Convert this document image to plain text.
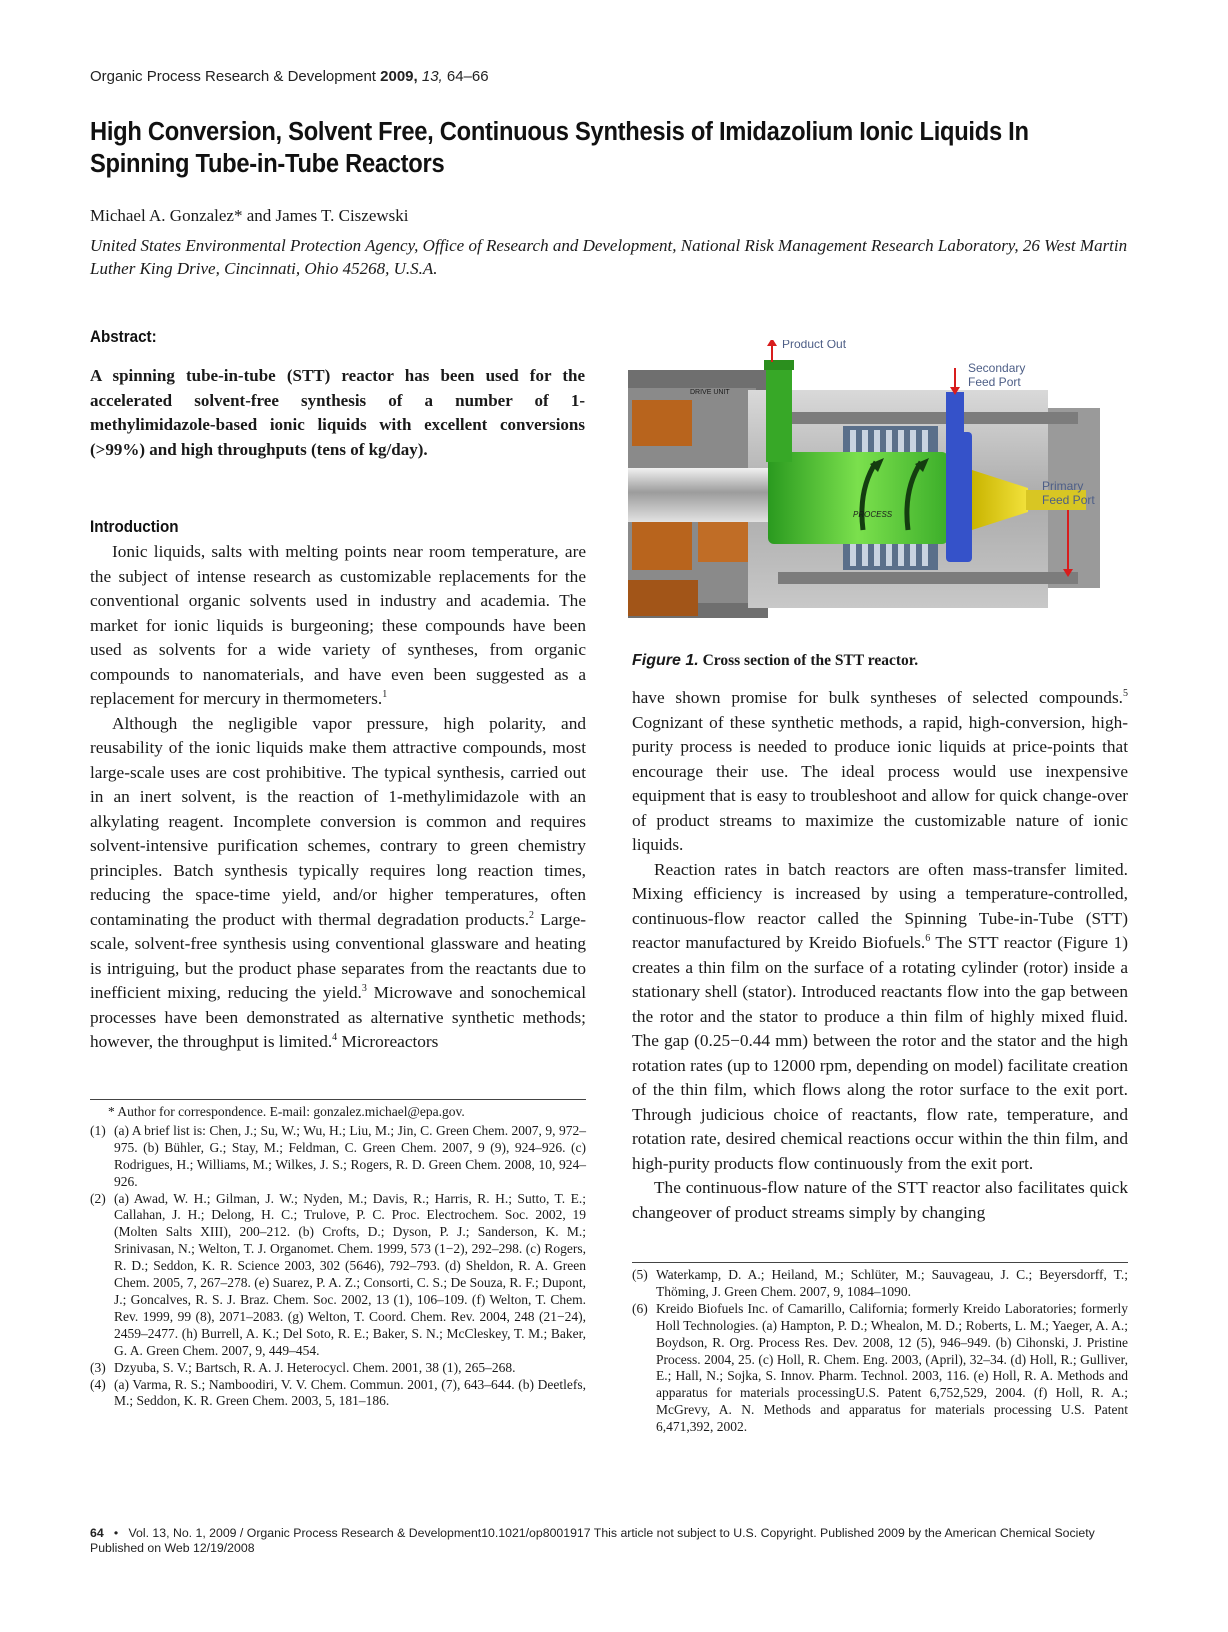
Organic Process Research & Development 2009, 13, 64–66
High Conversion, Solvent Free, Continuous Synthesis of Imidazolium Ionic Liquids In Spinning Tube-in-Tube Reactors
Michael A. Gonzalez* and James T. Ciszewski
United States Environmental Protection Agency, Office of Research and Development, National Risk Management Research Laboratory, 26 West Martin Luther King Drive, Cincinnati, Ohio 45268, U.S.A.
Abstract:

A spinning tube-in-tube (STT) reactor has been used for the accelerated solvent-free synthesis of a number of 1-methylimidazole-based ionic liquids with excellent conversions (>99%) and high throughputs (tens of kg/day).

Introduction

Ionic liquids, salts with melting points near room temperature, are the subject of intense research as customizable replacements for the conventional organic solvents used in industry and academia. The market for ionic liquids is burgeoning; these compounds have been used as solvents for a wide variety of syntheses, from organic compounds to nanomaterials, and have even been suggested as a replacement for mercury in thermometers.$^1$

Although the negligible vapor pressure, high polarity, and reusability of the ionic liquids make them attractive compounds, most large-scale uses are cost prohibitive. The typical synthesis, carried out in an inert solvent, is the reaction of 1-methylimidazole with an alkylating reagent. Incomplete conversion is common and requires solvent-intensive purification schemes, contrary to green chemistry principles. Batch synthesis typically requires long reaction times, reducing the space-time yield, and/or higher temperatures, often contaminating the product with thermal degradation products.$^2$ Large-scale, solvent-free synthesis using conventional glassware and heating is intriguing, but the product phase separates from the reactants due to inefficient mixing, reducing the yield.$^3$ Microwave and sonochemical processes have been demonstrated as alternative synthetic methods; however, the throughput is limited.$^4$ Microreactors

* Author for correspondence. E-mail: gonzalez.michael@epa.gov.

(1) (a) A brief list is: Chen, J.; Su, W.; Wu, H.; Liu, M.; Jin, C. Green Chem. 2007, 9, 972–975. (b) Bühler, G.; Stay, M.; Feldman, C. Green Chem. 2007, 9 (9), 924–926. (c) Rodrigues, H.; Williams, M.; Wilkes, J. S.; Rogers, R. D. Green Chem. 2008, 10, 924–926.

(2) (a) Awad, W. H.; Gilman, J. W.; Nyden, M.; Davis, R.; Harris, R. H.; Sutto, T. E.; Callahan, J. H.; Delong, H. C.; Trulove, P. C. Proc. Electrochem. Soc. 2002, 19 (Molten Salts XIII), 200–212. (b) Crofts, D.; Dyson, P. J.; Sanderson, K. M.; Srinivasan, N.; Welton, T. J. Organomet. Chem. 1999, 573 (1−2), 292–298. (c) Rogers, R. D.; Seddon, K. R. Science 2003, 302 (5646), 792–793. (d) Sheldon, R. A. Green Chem. 2005, 7, 267–278. (e) Suarez, P. A. Z.; Consorti, C. S.; De Souza, R. F.; Dupont, J.; Goncalves, R. S. J. Braz. Chem. Soc. 2002, 13 (1), 106–109. (f) Welton, T. Chem. Rev. 1999, 99 (8), 2071–2083. (g) Welton, T. Coord. Chem. Rev. 2004, 248 (21−24), 2459–2477. (h) Burrell, A. K.; Del Soto, R. E.; Baker, S. N.; McCleskey, T. M.; Baker, G. A. Green Chem. 2007, 9, 449–454.

(3) Dzyuba, S. V.; Bartsch, R. A. J. Heterocycl. Chem. 2001, 38 (1), 265–268.

(4) (a) Varma, R. S.; Namboodiri, V. V. Chem. Commun. 2001, (7), 643–644. (b) Deetlefs, M.; Seddon, K. R. Green Chem. 2003, 5, 181–186.

PROCESS
DRIVE UNIT
Product Out
Secondary Feed Port
Primary Feed Port
Figure 1. Cross section of the STT reactor.

have shown promise for bulk syntheses of selected compounds.$^5$ Cognizant of these synthetic methods, a rapid, high-conversion, high-purity process is needed to produce ionic liquids at price-points that encourage their use. The ideal process would use inexpensive equipment that is easy to troubleshoot and allow for quick change-over of product streams to maximize the customizable nature of ionic liquids.

Reaction rates in batch reactors are often mass-transfer limited. Mixing efficiency is increased by using a temperature-controlled, continuous-flow reactor called the Spinning Tube-in-Tube (STT) reactor manufactured by Kreido Biofuels.$^6$ The STT reactor (Figure 1) creates a thin film on the surface of a rotating cylinder (rotor) inside a stationary shell (stator). Introduced reactants flow into the gap between the rotor and the stator to produce a thin film of highly mixed fluid. The gap (0.25−0.44 mm) between the rotor and the stator and the high rotation rates (up to 12000 rpm, depending on model) facilitate creation of the thin film, which flows along the rotor surface to the exit port. Through judicious choice of reactants, flow rate, temperature, and rotation rate, desired chemical reactions occur within the thin film, and high-purity products flow continuously from the exit port.

The continuous-flow nature of the STT reactor also facilitates quick changeover of product streams simply by changing

(5) Waterkamp, D. A.; Heiland, M.; Schlüter, M.; Sauvageau, J. C.; Beyersdorff, T.; Thöming, J. Green Chem. 2007, 9, 1084–1090.

(6) Kreido Biofuels Inc. of Camarillo, California; formerly Kreido Laboratories; formerly Holl Technologies. (a) Hampton, P. D.; Whealon, M. D.; Roberts, L. M.; Yaeger, A. A.; Boydson, R. Org. Process Res. Dev. 2008, 12 (5), 946–949. (b) Cihonski, J. Pristine Process. 2004, 25. (c) Holl, R. Chem. Eng. 2003, (April), 32–34. (d) Holl, R.; Gulliver, E.; Hall, N.; Sojka, S. Innov. Pharm. Technol. 2003, 116. (e) Holl, R. A. Methods and apparatus for materials processingU.S. Patent 6,752,529, 2004. (f) Holl, R. A.; McGrevy, A. N. Methods and apparatus for materials processing U.S. Patent 6,471,392, 2002.

64   •   Vol. 13, No. 1, 2009 / Organic Process Research & Development10.1021/op8001917 This article not subject to U.S. Copyright. Published 2009 by the American Chemical Society
Published on Web 12/19/2008
